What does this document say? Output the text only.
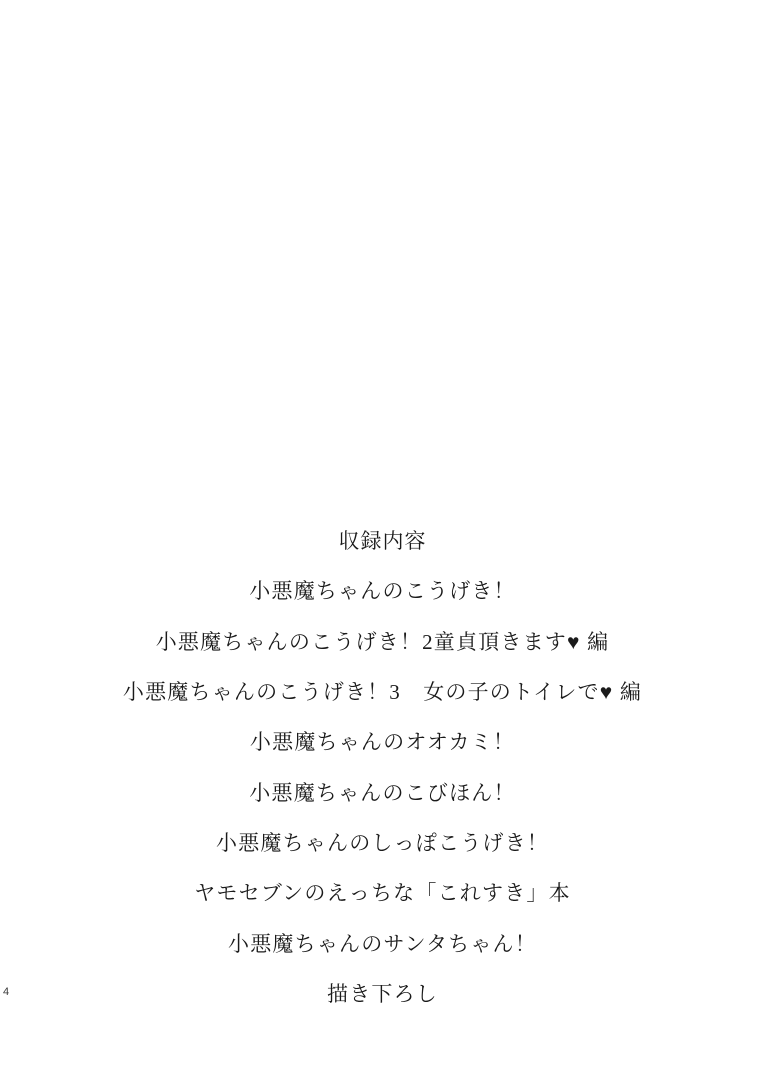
収録内容
小悪魔ちゃんのこうげき！
小悪魔ちゃんのこうげき！2童貞頂きます♥ 編
小悪魔ちゃんのこうげき！3　女の子のトイレで♥ 編
小悪魔ちゃんのオオカミ！
小悪魔ちゃんのこびほん！
小悪魔ちゃんのしっぽこうげき！
ヤモセブンのえっちな「これすき」本
小悪魔ちゃんのサンタちゃん！
描き下ろし
4
